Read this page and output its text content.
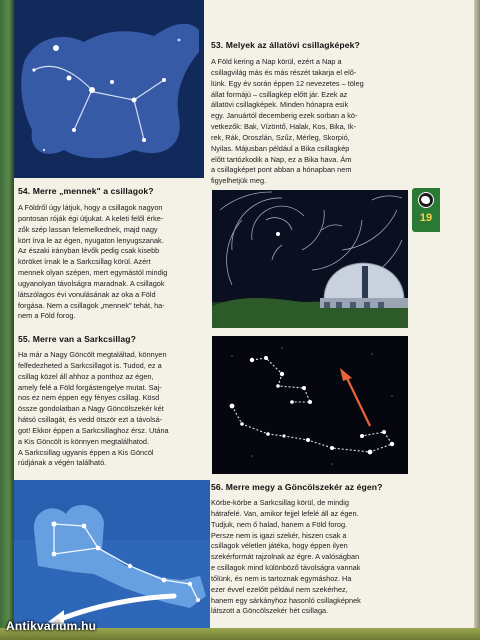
53. Melyek az állatövi csillagképek?
A Föld kering a Nap körül, ezért a Nap a
csillagvilág más és más részét takarja el elő-
lünk. Egy év során éppen 12 nevezetes – töleg
állat formájú – csillagkép előtt jár. Ezek az
állatövi csillagképek. Minden hónapra esik
egy. Januártól decemberig ezek sorban a kö-
vetkezők: Bak, Vízöntő, Halak, Kos, Bika, Ik-
rek, Rák, Oroszlán, Szűz, Mérleg, Skorpió,
Nyilas. Májusban például a Bika csillagkép
előtt tartózkodik a Nap, ez a Bika hava. Ám
a csillagképet pont abban a hónapban nem
figyelhetjük meg.
54. Merre „mennek" a csillagok?
A Földről úgy látjuk, hogy a csillagok nagyon
pontosan róják égi útjukat. A keleti felől érke-
zők szép lassan felemelkednek, majd nagy
kört írva le az égen, nyugaton lenyugszanak.
Az északi irányban lévők pedig csak kisebb
köröket írnak le a Sarkcsillag körül. Azért
mennek olyan szépen, mert egymástól mindig
ugyanolyan távolságra maradnak. A csillagok
látszólagos évi vonulásának az oka a Föld
forgása. Nem a csillagok „mennek" tehát, ha-
nem a Föld forog.
55. Merre van a Sarkcsillag?
Ha már a Nagy Göncölt megtaláltad, könnyen
felfedezheted a Sarkcsillagot is. Tudod, ez a
csillag közel áll ahhoz a ponthoz az égen,
amely felé a Föld forgástengelye mutat. Saj-
nos ez nem éppen egy fényes csillag. Kösd
össze gondolatban a Nagy Göncölszekér két
hátsó csillagát, és vedd ötször ezt a távolsá-
got! Ekkor éppen a Sarkcsillaghoz érsz. Utána
a Kis Göncölt is könnyen megtalálhatod.
A Sarkcsillag ugyanis éppen a Kis Göncöl
rúdjának a végén található.
56. Merre megy a Göncölszekér az égen?
Körbe-körbe a Sarkcsillag körül, de mindig
hátrafelé. Van, amikor fejjel lefelé áll az égen.
Tudjuk, nem ő halad, hanem a Föld forog.
Persze nem is igazi szekér, hiszen csak a
csillagok véletlen játéka, hogy éppen ilyen
szekérformát rajzolnak az égre. A valóságban
e csillagok mind különböző távolságra vannak
tőlünk, és nem is tartoznak egymáshoz. Ha
ezer évvel ezelőtt például nem szekérhez,
hanem egy sárkányhoz hasonló csillagképnek
látszott a Göncölszekér hét csillaga.
19
Antikvarium.hu
